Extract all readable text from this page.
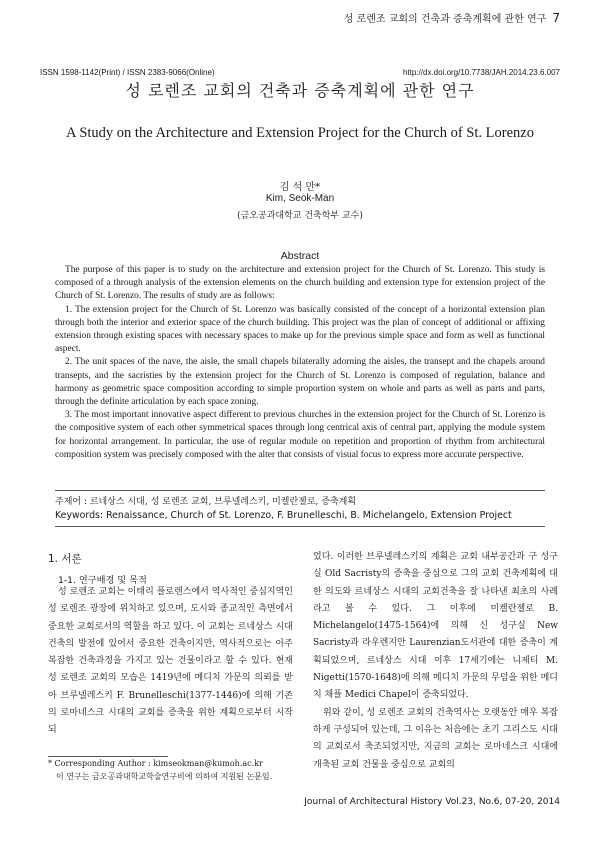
성 로렌조 교회의 건축과 증축계획에 관한 연구 7
ISSN 1598-1142(Print) / ISSN 2383-9066(Online)	http://dx.doi.org/10.7738/JAH.2014.23.6.007
성 로렌조 교회의 건축과 증축계획에 관한 연구
A Study on the Architecture and Extension Project for the Church of St. Lorenzo
김 석 만*
Kim, Seok-Man
(금오공과대학교 건축학부 교수)
Abstract

The purpose of this paper is to study on the architecture and extension project for the Church of St. Lorenzo. This study is composed of a through analysis of the extension elements on the church building and extension type for extension project of the Church of St. Lorenzo. The results of study are as follows:

1. The extension project for the Church of St. Lorenzo was basically consisted of the concept of a horizontal extension plan through both the interior and exterior space of the church building. This project was the plan of concept of additional or affixing extension through existing spaces with necessary spaces to make up for the previous simple space and form as well as functional aspect.

2. The unit spaces of the nave, the aisle, the small chapels bilaterally adorning the aisles, the transept and the chapels around transepts, and the sacristies by the extension project for the Church of St. Lorenzo is composed of regulation, balance and harmony as geometric space composition according to simple proportion system on whole and parts as well as parts and parts, through the definite articulation by each space zoning.

3. The most important innovative aspect different to previous churches in the extension project for the Church of St. Lorenzo is the compositive system of each other symmetrical spaces through long centrical axis of central part, applying the module system for horizontal arrangement. In particular, the use of regular module on repetition and proportion of rhythm from architectural composition system was precisely composed with the alter that consists of visual focus to express more accurate perspective.

주제어 : 르네상스 시대, 성 로렌조 교회, 브루넬레스키, 미켈란젤로, 증축계획
Keywords: Renaissance, Church of St. Lorenzo, F. Brunelleschi, B. Michelangelo, Extension Project
1. 서론
1-1. 연구배경 및 목적

성 로렌조 교회는 이태리 플로렌스에서 역사적인 중심지역인 성 로렌조 광장에 위치하고 있으며, 도시와 종교적인 측면에서 중요한 교회로서의 역할을 하고 있다. 이 교회는 르네상스 시대 건축의 발전에 있어서 중요한 건축이지만, 역사적으로는 아주 복잡한 건축과정을 가지고 있는 건물이라고 할 수 있다. 현재 성 로렌조 교회의 모습은 1419년에 메디치 가문의 의뢰를 받아 브루넬레스키 F. Brunelleschi(1377-1446)에 의해 기존의 로마네스크 시대의 교회를 증축을 위한 계획으로부터 시작되

었다. 이러한 브루넬레스키의 계획은 교회 내부공간과 구 성구실 Old Sacristy의 증축을 중심으로 그의 교회 건축계획에 대한 의도와 르네상스 시대의 교회건축을 잘 나타낸 최초의 사례라고 볼 수 있다. 그 이후에 미켈란젤로 B. Michelangelo(1475-1564)에 의해 신 성구실 New Sacristy과 라우렌지안 Laurenzian도서관에 대한 증축이 계획되었으며, 르네상스 시대 이후 17세기에는 니제티 M. Nigetti(1570-1648)에 의해 메디치 가문의 무덤을 위한 메디치 채플 Medici Chapel이 증축되었다.

위와 같이, 성 로렌조 교회의 건축역사는 오랫동안 매우 복잡하게 구성되어 있는데, 그 이유는 처음에는 초기 그리스도 시대의 교회로서 축조되었지만, 지금의 교회는 로마네스크 시대에 개축된 교회 건물을 중심으로 교회의

* Corresponding Author : kimseokman@kumoh.ac.kr
이 연구는 금오공과대학교학술연구비에 의하여 지원된 논문임.
Journal of Architectural History Vol.23, No.6, 07-20, 2014
